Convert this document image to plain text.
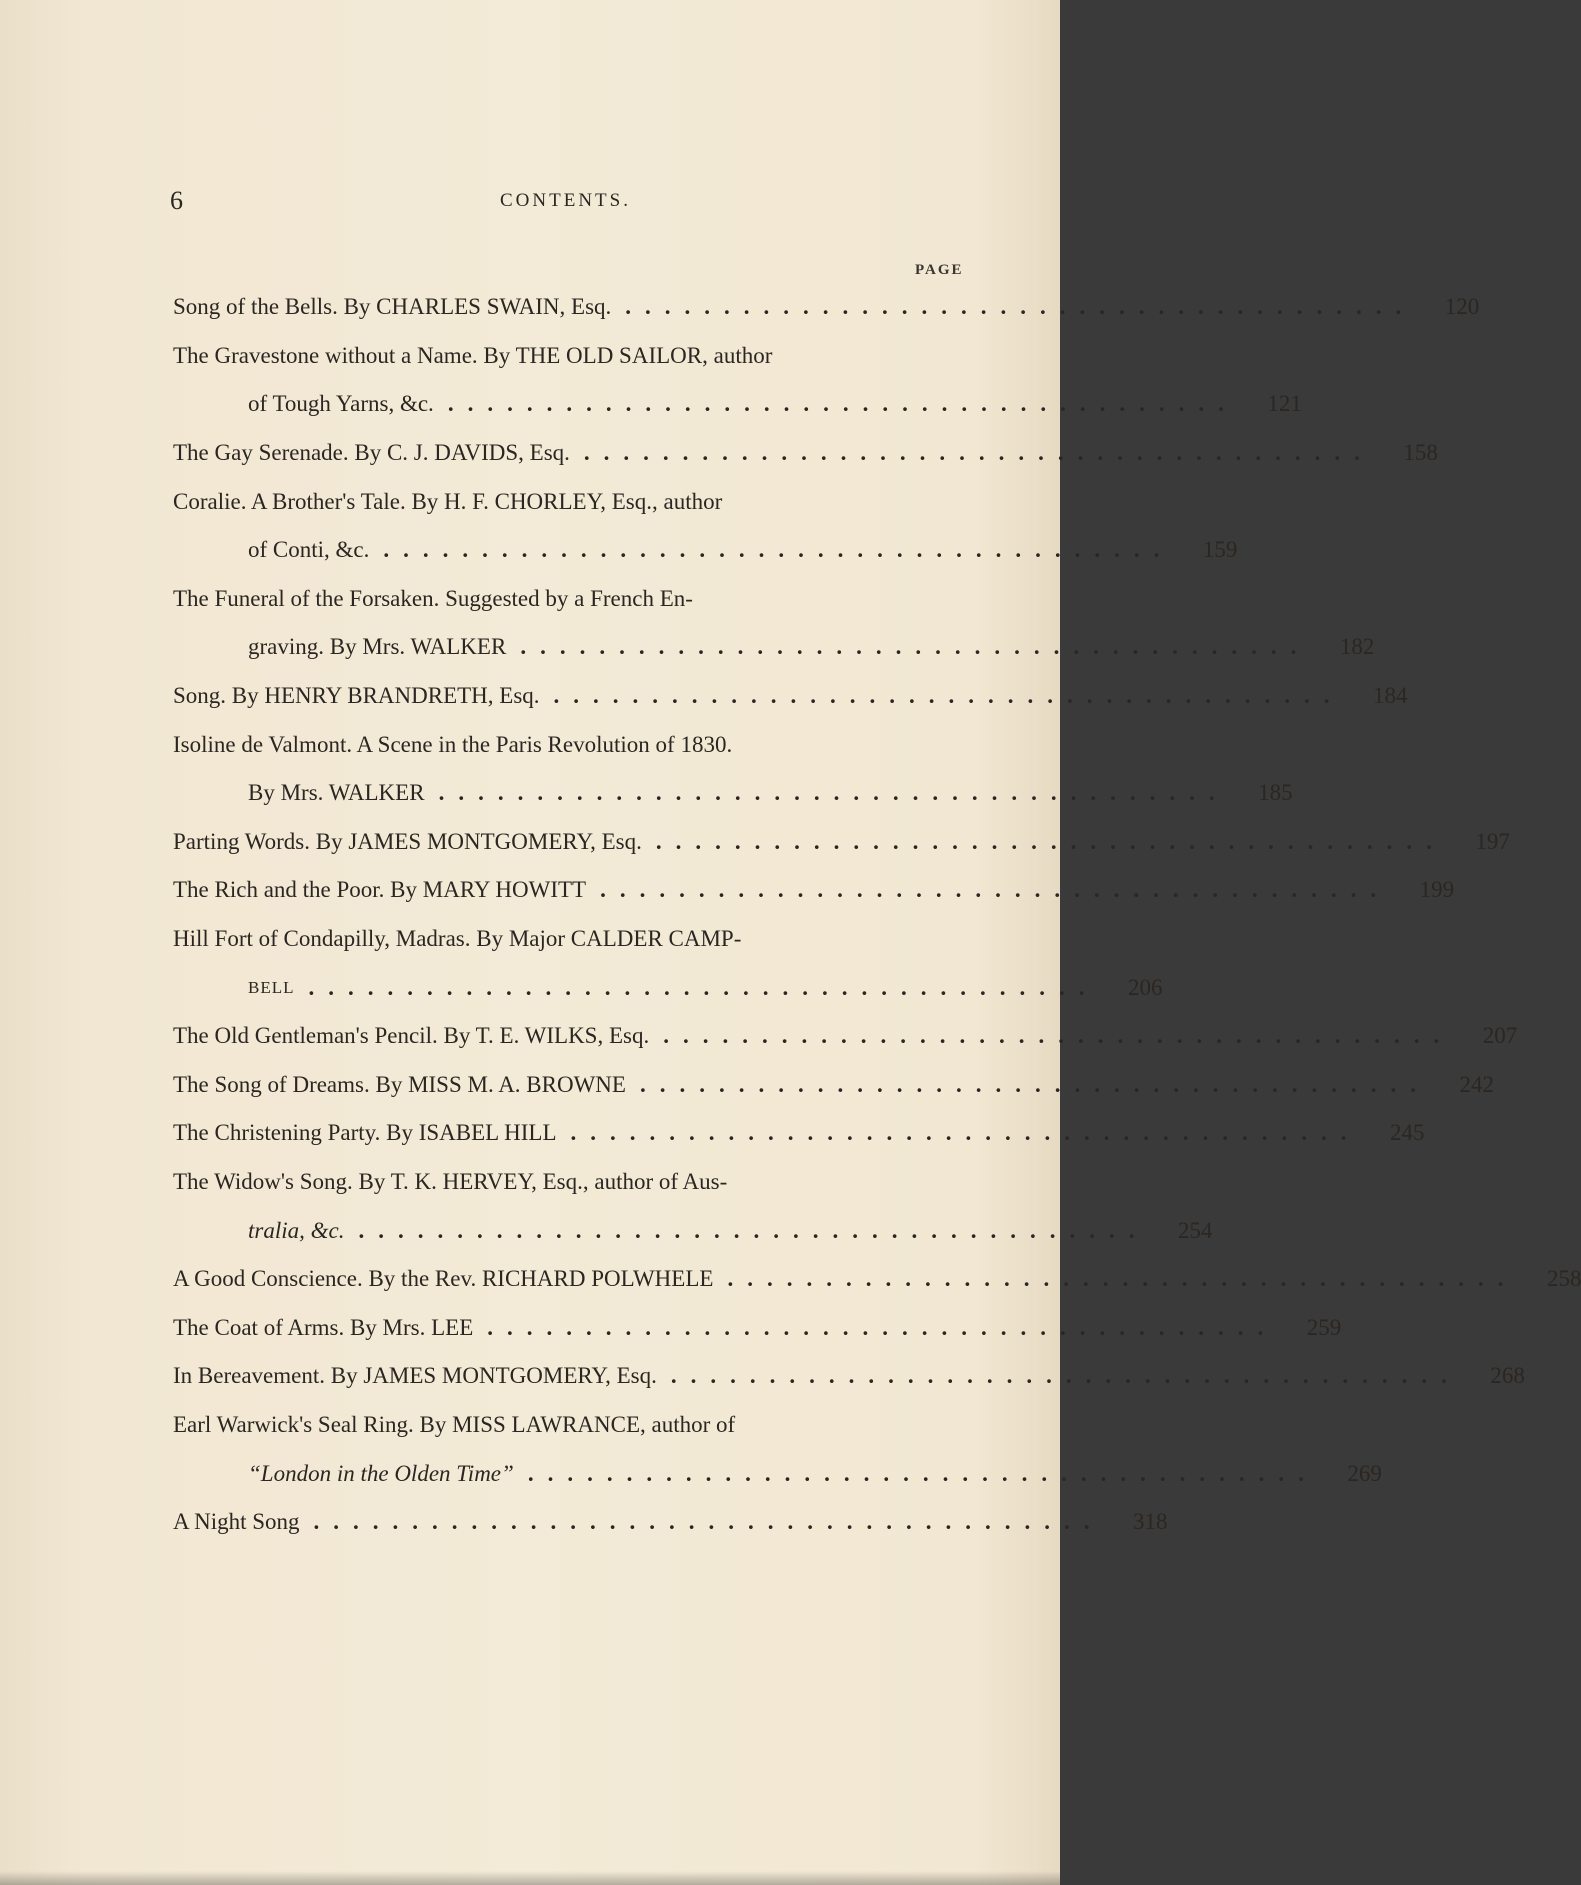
6	CONTENTS.
PAGE
Song of the Bells. By CHARLES SWAIN, Esq. ........................................	120
The Gravestone without a Name. By THE OLD SAILOR, author
of Tough Yarns, &c. ........................................	121
The Gay Serenade. By C. J. DAVIDS, Esq. ........................................	158
Coralie. A Brother's Tale. By H. F. CHORLEY, Esq., author
of Conti, &c. ........................................	159
The Funeral of the Forsaken. Suggested by a French En-
graving. By Mrs. WALKER ........................................	182
Song. By HENRY BRANDRETH, Esq. ........................................	184
Isoline de Valmont. A Scene in the Paris Revolution of 1830.
By Mrs. WALKER ........................................	185
Parting Words. By JAMES MONTGOMERY, Esq. ........................................	197
The Rich and the Poor. By MARY HOWITT ........................................	199
Hill Fort of Condapilly, Madras. By Major CALDER CAMP-
BELL ........................................	206
The Old Gentleman's Pencil. By T. E. WILKS, Esq. ........................................	207
The Song of Dreams. By MISS M. A. BROWNE ........................................	242
The Christening Party. By ISABEL HILL ........................................	245
The Widow's Song. By T. K. HERVEY, Esq., author of Aus-
tralia, &c. ........................................	254
A Good Conscience. By the Rev. RICHARD POLWHELE ........................................	258
The Coat of Arms. By Mrs. LEE ........................................	259
In Bereavement. By JAMES MONTGOMERY, Esq. ........................................	268
Earl Warwick's Seal Ring. By MISS LAWRANCE, author of
“London in the Olden Time” ........................................	269
A Night Song ........................................	318
